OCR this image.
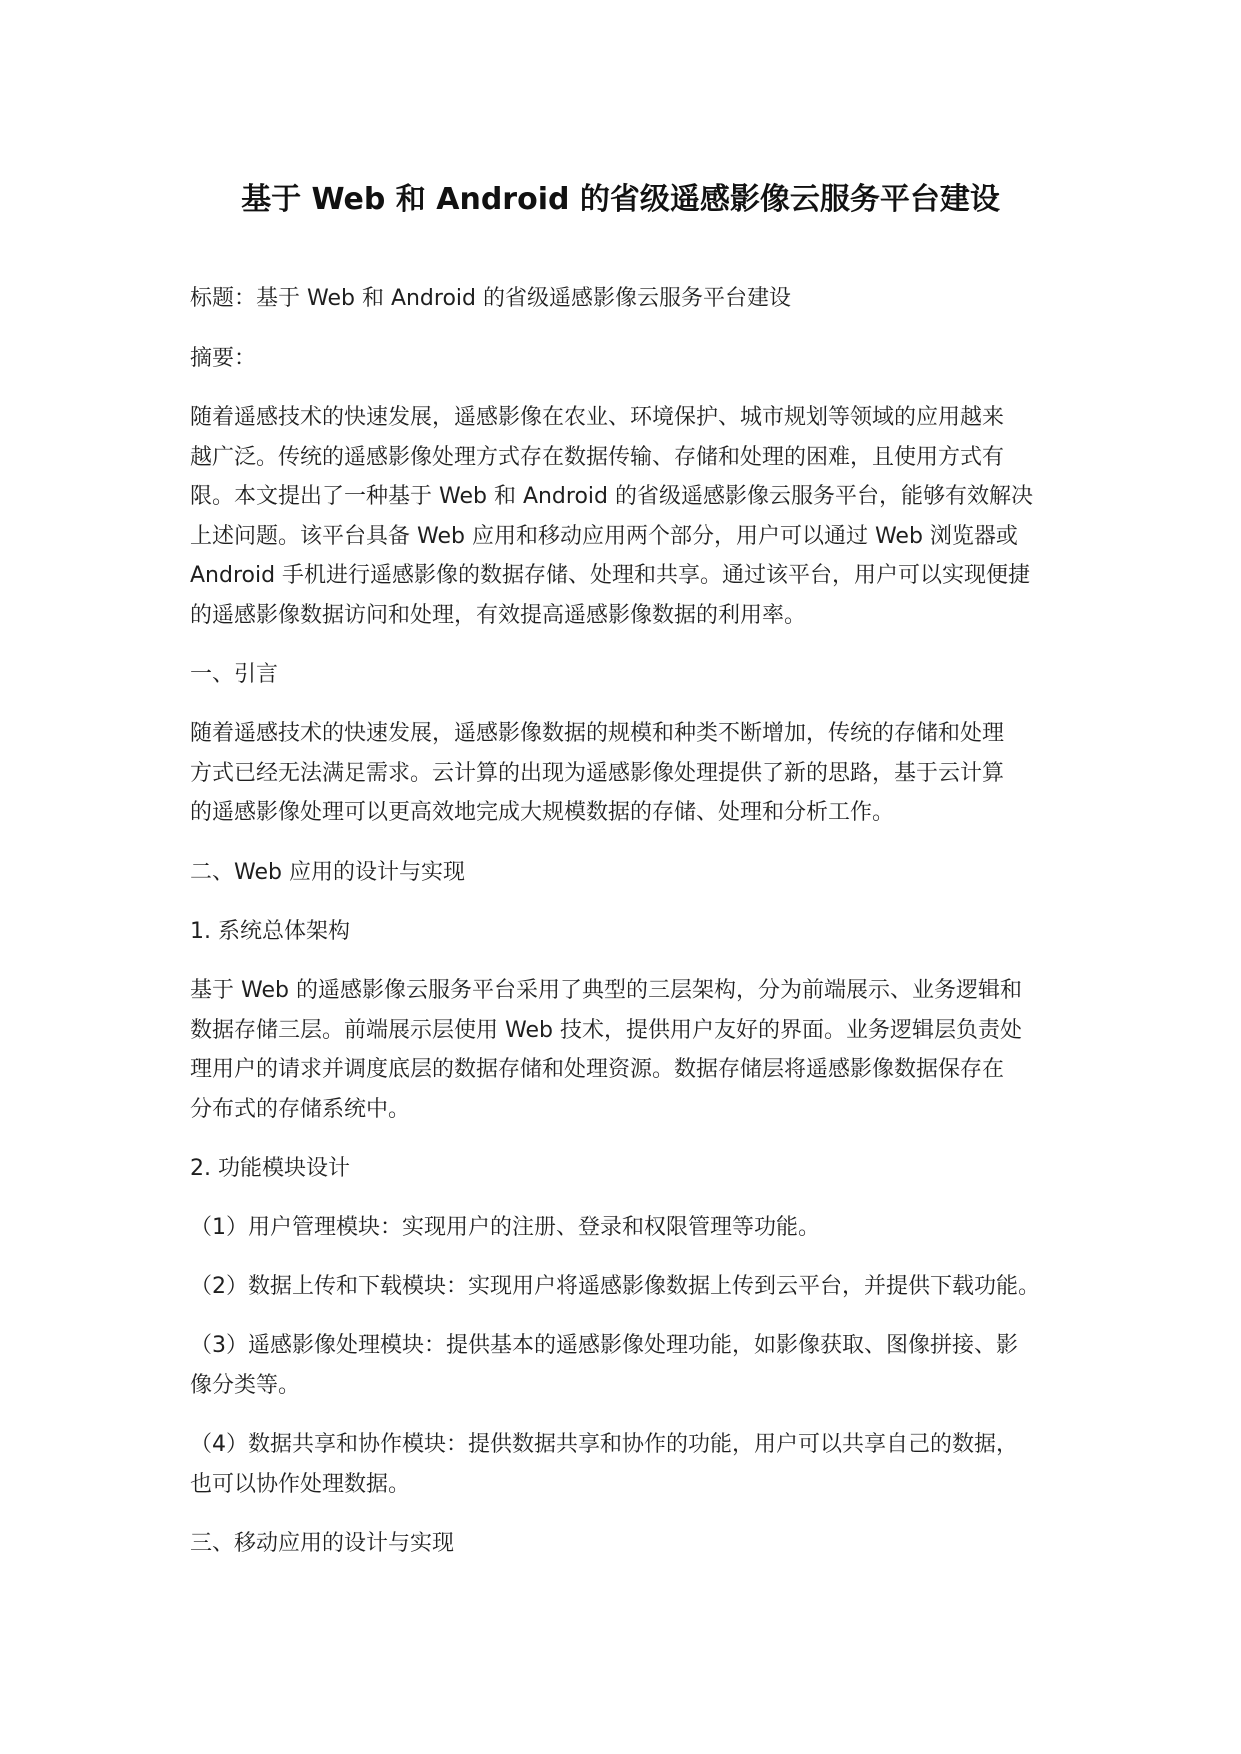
基于 Web 和 Android 的省级遥感影像云服务平台建设

标题：基于 Web 和 Android 的省级遥感影像云服务平台建设

摘要：

随着遥感技术的快速发展，遥感影像在农业、环境保护、城市规划等领域的应用越来
越广泛。传统的遥感影像处理方式存在数据传输、存储和处理的困难，且使用方式有
限。本文提出了一种基于 Web 和 Android 的省级遥感影像云服务平台，能够有效解决
上述问题。该平台具备 Web 应用和移动应用两个部分，用户可以通过 Web 浏览器或
Android 手机进行遥感影像的数据存储、处理和共享。通过该平台，用户可以实现便捷
的遥感影像数据访问和处理，有效提高遥感影像数据的利用率。

一、引言

随着遥感技术的快速发展，遥感影像数据的规模和种类不断增加，传统的存储和处理
方式已经无法满足需求。云计算的出现为遥感影像处理提供了新的思路，基于云计算
的遥感影像处理可以更高效地完成大规模数据的存储、处理和分析工作。

二、Web 应用的设计与实现

1. 系统总体架构

基于 Web 的遥感影像云服务平台采用了典型的三层架构，分为前端展示、业务逻辑和
数据存储三层。前端展示层使用 Web 技术，提供用户友好的界面。业务逻辑层负责处
理用户的请求并调度底层的数据存储和处理资源。数据存储层将遥感影像数据保存在
分布式的存储系统中。

2. 功能模块设计

（1）用户管理模块：实现用户的注册、登录和权限管理等功能。

（2）数据上传和下载模块：实现用户将遥感影像数据上传到云平台，并提供下载功能。

（3）遥感影像处理模块：提供基本的遥感影像处理功能，如影像获取、图像拼接、影
像分类等。

（4）数据共享和协作模块：提供数据共享和协作的功能，用户可以共享自己的数据，
也可以协作处理数据。

三、移动应用的设计与实现
